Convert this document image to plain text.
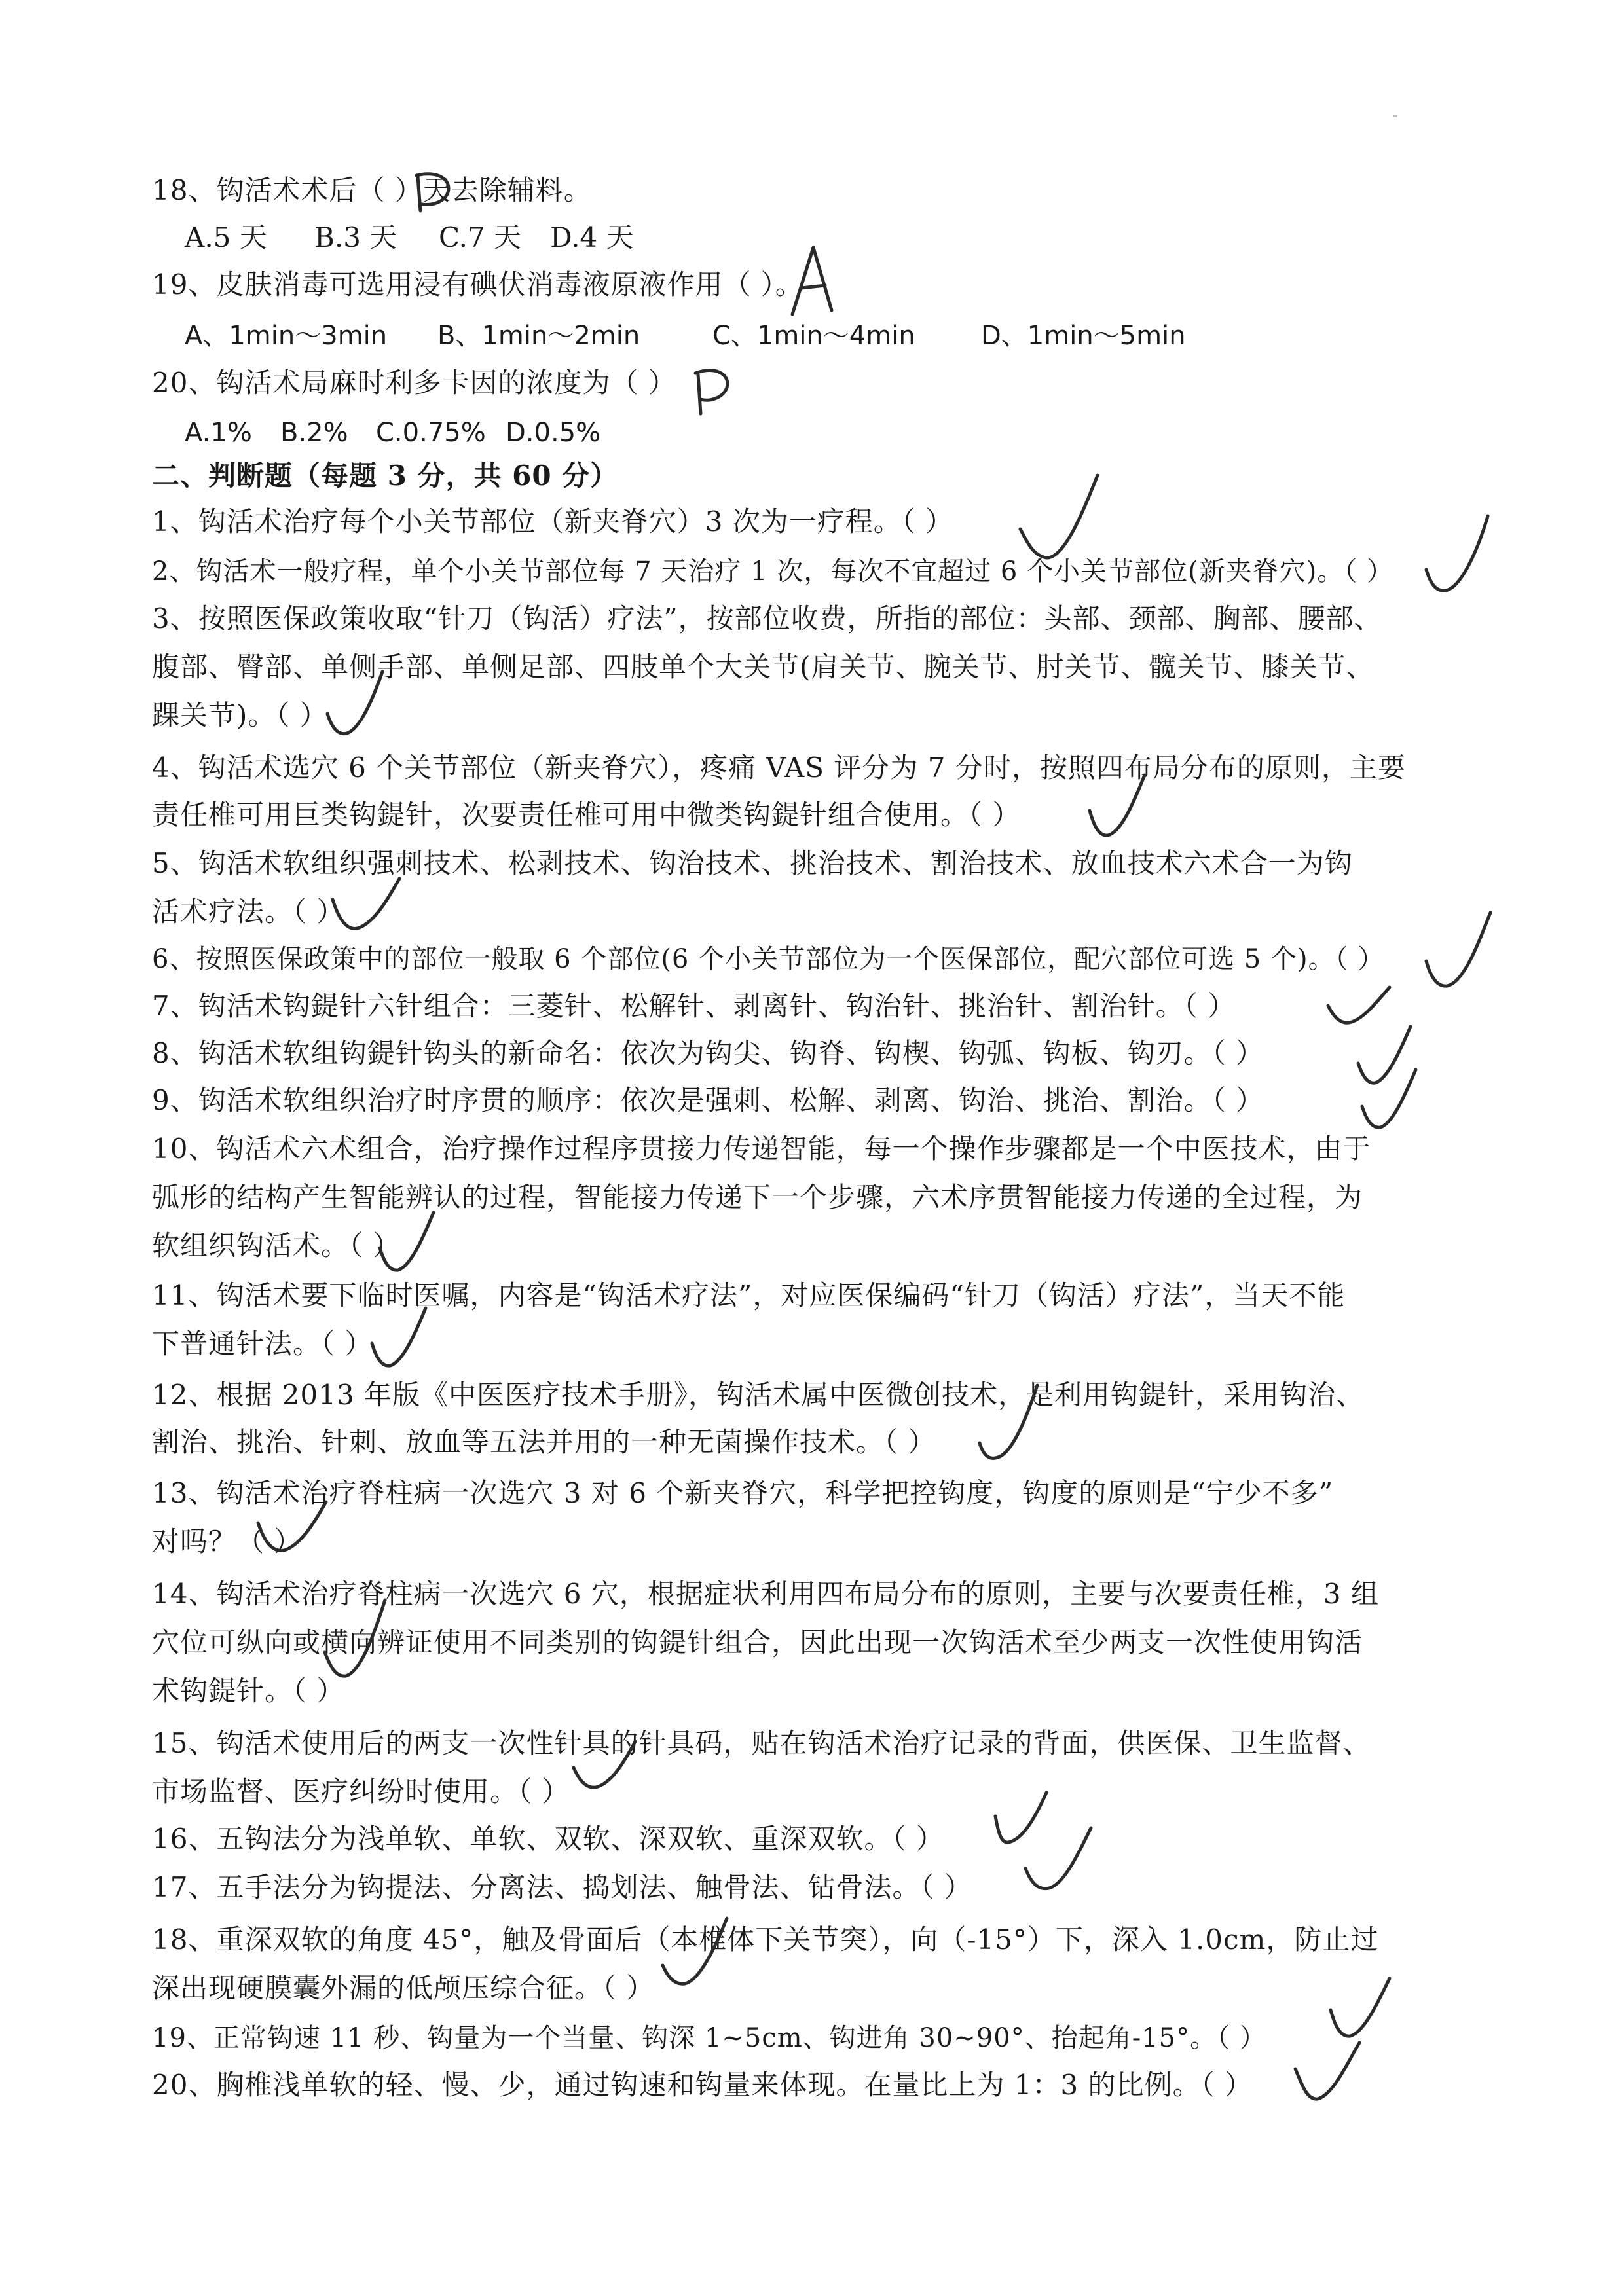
18、钩活术术后（ ）天去除辅料。
A.5 天 B.3 天 C.7 天 D.4 天
19、皮肤消毒可选用浸有碘伏消毒液原液作用（ ）。
A、1min～3min B、1min～2min	C、1min～4min	D、1min～5min
20、钩活术局麻时利多卡因的浓度为（ ）
A.1% B.2% C.0.75% D.0.5%
二、判断题（每题 3 分，共 60 分）
1、钩活术治疗每个小关节部位（新夹脊穴）3 次为一疗程。（ ）
2、钩活术一般疗程，单个小关节部位每 7 天治疗 1 次，每次不宜超过 6 个小关节部位(新夹脊穴)。（ ）
3、按照医保政策收取“针刀（钩活）疗法”，按部位收费，所指的部位：头部、颈部、胸部、腰部、
腹部、臀部、单侧手部、单侧足部、四肢单个大关节(肩关节、腕关节、肘关节、髋关节、膝关节、
踝关节)。（ ）
4、钩活术选穴 6 个关节部位（新夹脊穴），疼痛 VAS 评分为 7 分时，按照四布局分布的原则，主要
责任椎可用巨类钩鍉针，次要责任椎可用中微类钩鍉针组合使用。（ ）
5、钩活术软组织强刺技术、松剥技术、钩治技术、挑治技术、割治技术、放血技术六术合一为钩
活术疗法。（ ）
6、按照医保政策中的部位一般取 6 个部位(6 个小关节部位为一个医保部位，配穴部位可选 5 个)。（ ）
7、钩活术钩鍉针六针组合：三菱针、松解针、剥离针、钩治针、挑治针、割治针。（ ）
8、钩活术软组钩鍉针钩头的新命名：依次为钩尖、钩脊、钩楔、钩弧、钩板、钩刃。（ ）
9、钩活术软组织治疗时序贯的顺序：依次是强刺、松解、剥离、钩治、挑治、割治。（ ）
10、钩活术六术组合，治疗操作过程序贯接力传递智能，每一个操作步骤都是一个中医技术，由于
弧形的结构产生智能辨认的过程，智能接力传递下一个步骤，六术序贯智能接力传递的全过程，为
软组织钩活术。（ ）
11、钩活术要下临时医嘱，内容是“钩活术疗法”，对应医保编码“针刀（钩活）疗法”，当天不能
下普通针法。（ ）
12、根据 2013 年版《中医医疗技术手册》，钩活术属中医微创技术，是利用钩鍉针，采用钩治、
割治、挑治、针刺、放血等五法并用的一种无菌操作技术。（ ）
13、钩活术治疗脊柱病一次选穴 3 对 6 个新夹脊穴，科学把控钩度，钩度的原则是“宁少不多”
对吗？（ ）
14、钩活术治疗脊柱病一次选穴 6 穴，根据症状利用四布局分布的原则，主要与次要责任椎，3 组
穴位可纵向或横向辨证使用不同类别的钩鍉针组合，因此出现一次钩活术至少两支一次性使用钩活
术钩鍉针。（ ）
15、钩活术使用后的两支一次性针具的针具码，贴在钩活术治疗记录的背面，供医保、卫生监督、
市场监督、医疗纠纷时使用。（ ）
16、五钩法分为浅单软、单软、双软、深双软、重深双软。（ ）
17、五手法分为钩提法、分离法、捣划法、触骨法、钻骨法。（ ）
18、重深双软的角度 45°，触及骨面后（本椎体下关节突），向（-15°）下，深入 1.0cm，防止过
深出现硬膜囊外漏的低颅压综合征。（ ）
19、正常钩速 11 秒、钩量为一个当量、钩深 1~5cm、钩进角 30~90°、抬起角-15°。（ ）
20、胸椎浅单软的轻、慢、少，通过钩速和钩量来体现。在量比上为 1：3 的比例。（ ）
